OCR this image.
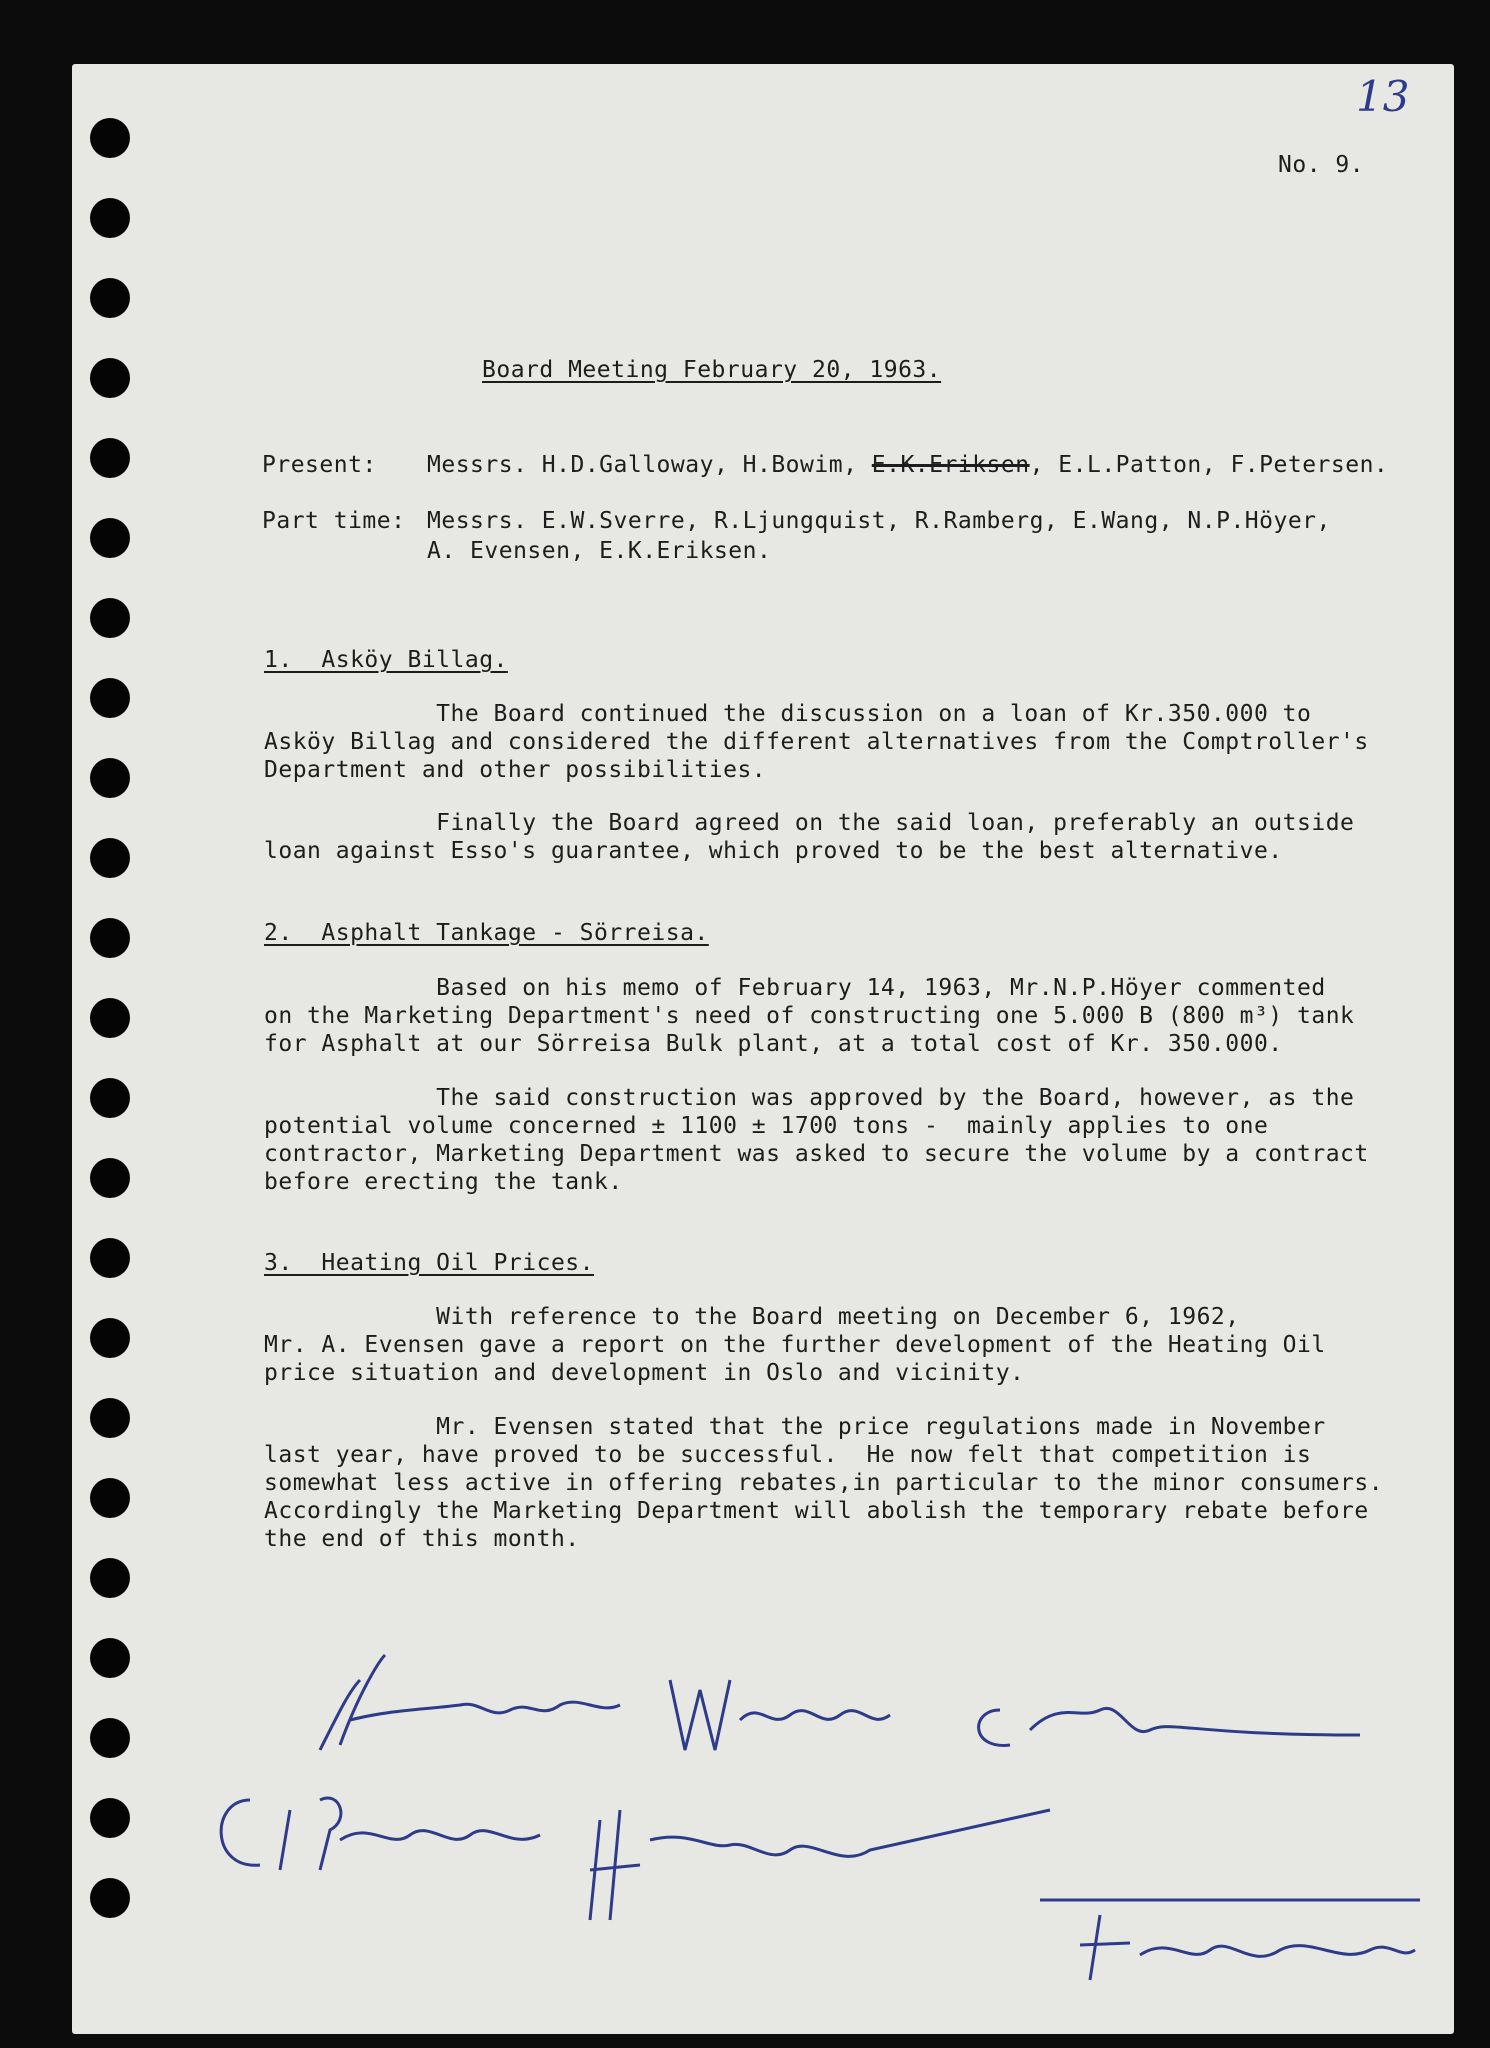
13
No. 9.
Board Meeting February 20, 1963.
Present: Messrs. H.D.Galloway, H.Bowim, E.K.Eriksen, E.L.Patton, F.Petersen.
Part time: Messrs. E.W.Sverre, R.Ljungquist, R.Ramberg, E.Wang, N.P.Höyer,
A. Evensen, E.K.Eriksen.
1.  Asköy Billag.
The Board continued the discussion on a loan of Kr.350.000 to
Asköy Billag and considered the different alternatives from the Comptroller's
Department and other possibilities.
Finally the Board agreed on the said loan, preferably an outside
loan against Esso's guarantee, which proved to be the best alternative.
2.  Asphalt Tankage - Sörreisa.
Based on his memo of February 14, 1963, Mr.N.P.Höyer commented
on the Marketing Department's need of constructing one 5.000 B (800 m³) tank
for Asphalt at our Sörreisa Bulk plant, at a total cost of Kr. 350.000.
The said construction was approved by the Board, however, as the
potential volume concerned ± 1100 ± 1700 tons -  mainly applies to one
contractor, Marketing Department was asked to secure the volume by a contract
before erecting the tank.
3.  Heating Oil Prices.
With reference to the Board meeting on December 6, 1962,
Mr. A. Evensen gave a report on the further development of the Heating Oil
price situation and development in Oslo and vicinity.
Mr. Evensen stated that the price regulations made in November
last year, have proved to be successful.  He now felt that competition is
somewhat less active in offering rebates,in particular to the minor consumers.
Accordingly the Marketing Department will abolish the temporary rebate before
the end of this month.
